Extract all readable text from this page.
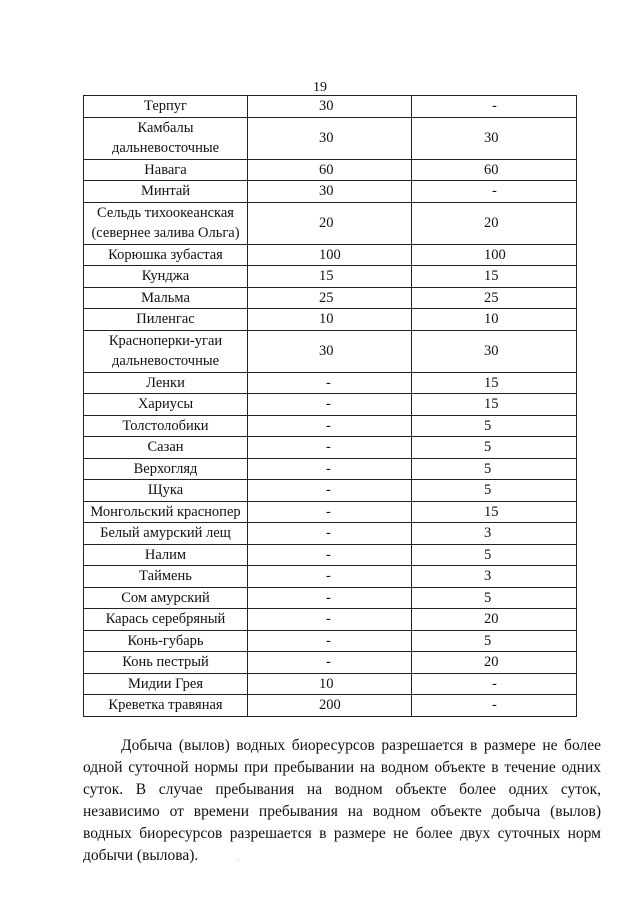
19
Терпуг	30	-
Камбалы дальневосточные	30	30
Навага	60	60
Минтай	30	-
Сельдь тихоокеанская (севернее залива Ольга)	20	20
Корюшка зубастая	100	100
Кунджа	15	15
Мальма	25	25
Пиленгас	10	10
Красноперки-угаи дальневосточные	30	30
Ленки	-	15
Хариусы	-	15
Толстолобики	-	5
Сазан	-	5
Верхогляд	-	5
Щука	-	5
Монгольский краснопер	-	15
Белый амурский лещ	-	3
Налим	-	5
Таймень	-	3
Сом амурский	-	5
Карась серебряный	-	20
Конь-губарь	-	5
Конь пестрый	-	20
Мидии Грея	10	-
Креветка травяная	200	-

Добыча (вылов) водных биоресурсов разрешается в размере не более одной суточной нормы при пребывании на водном объекте в течение одних суток. В случае пребывания на водном объекте более одних суток, независимо от времени пребывания на водном объекте добыча (вылов) водных биоресурсов разрешается в размере не более двух суточных норм добычи (вылова).
